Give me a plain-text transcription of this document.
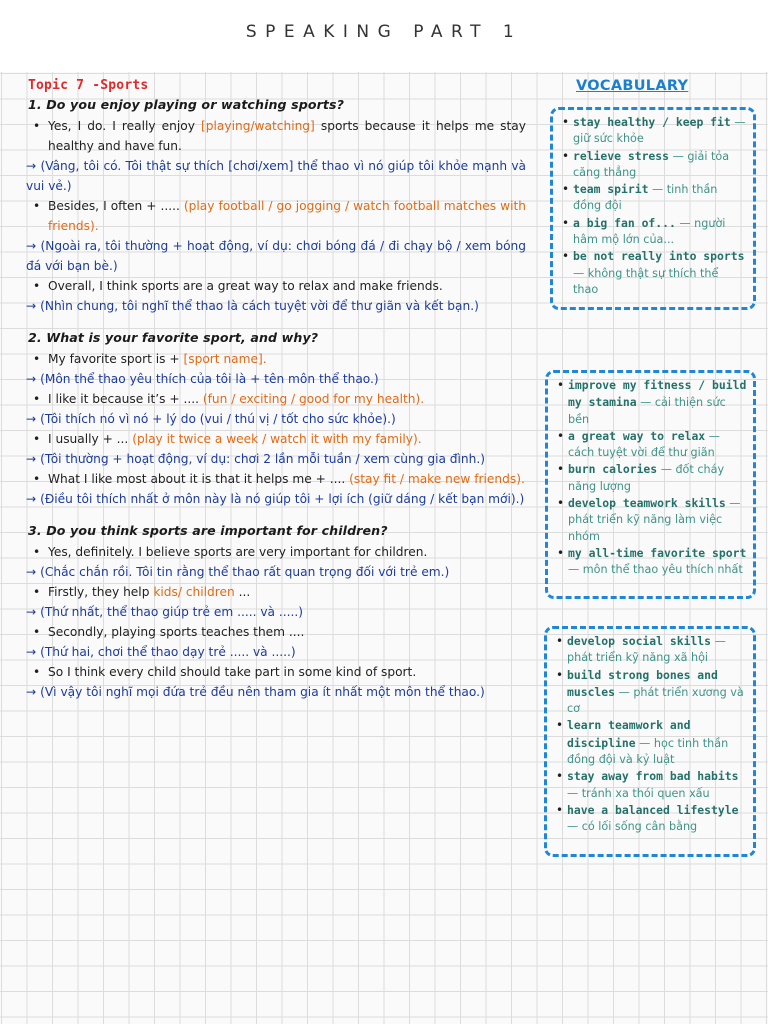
SPEAKING PART 1
Topic 7 -Sports
1. Do you enjoy playing or watching sports?
• Yes, I do. I really enjoy [playing/watching] sports because it helps me stay healthy and have fun.
→ (Vâng, tôi có. Tôi thật sự thích [chơi/xem] thể thao vì nó giúp tôi khỏe mạnh và vui vẻ.)
• Besides, I often + ..... (play football / go jogging / watch football matches with friends).
→ (Ngoài ra, tôi thường + hoạt động, ví dụ: chơi bóng đá / đi chạy bộ / xem bóng đá với bạn bè.)
• Overall, I think sports are a great way to relax and make friends.
→ (Nhìn chung, tôi nghĩ thể thao là cách tuyệt vời để thư giãn và kết bạn.)
2. What is your favorite sport, and why?
• My favorite sport is + [sport name].
→ (Môn thể thao yêu thích của tôi là + tên môn thể thao.)
• I like it because it’s + .... (fun / exciting / good for my health).
→ (Tôi thích nó vì nó + lý do (vui / thú vị / tốt cho sức khỏe).)
• I usually + ... (play it twice a week / watch it with my family).
→ (Tôi thường + hoạt động, ví dụ: chơi 2 lần mỗi tuần / xem cùng gia đình.)
• What I like most about it is that it helps me + .... (stay fit / make new friends).
→ (Điều tôi thích nhất ở môn này là nó giúp tôi + lợi ích (giữ dáng / kết bạn mới).)
3. Do you think sports are important for children?
• Yes, definitely. I believe sports are very important for children.
→ (Chắc chắn rồi. Tôi tin rằng thể thao rất quan trọng đối với trẻ em.)
• Firstly, they help kids/ children ...
→ (Thứ nhất, thể thao giúp trẻ em ..... và .....)
• Secondly, playing sports teaches them ....
→ (Thứ hai, chơi thể thao dạy trẻ ..... và .....)
• So I think every child should take part in some kind of sport.
→ (Vì vậy tôi nghĩ mọi đứa trẻ đều nên tham gia ít nhất một môn thể thao.)
VOCABULARY
• stay healthy / keep fit — giữ sức khỏe
• relieve stress — giải tỏa căng thẳng
• team spirit — tinh thần đồng đội
• a big fan of... — người hâm mộ lớn của...
• be not really into sports — không thật sự thích thể thao
• improve my fitness / build my stamina — cải thiện sức bền
• a great way to relax — cách tuyệt vời để thư giãn
• burn calories — đốt cháy năng lượng
• develop teamwork skills — phát triển kỹ năng làm việc nhóm
• my all-time favorite sport — môn thể thao yêu thích nhất
• develop social skills — phát triển kỹ năng xã hội
• build strong bones and muscles — phát triển xương và cơ
• learn teamwork and discipline — học tinh thần đồng đội và kỷ luật
• stay away from bad habits — tránh xa thói quen xấu
• have a balanced lifestyle — có lối sống cân bằng
